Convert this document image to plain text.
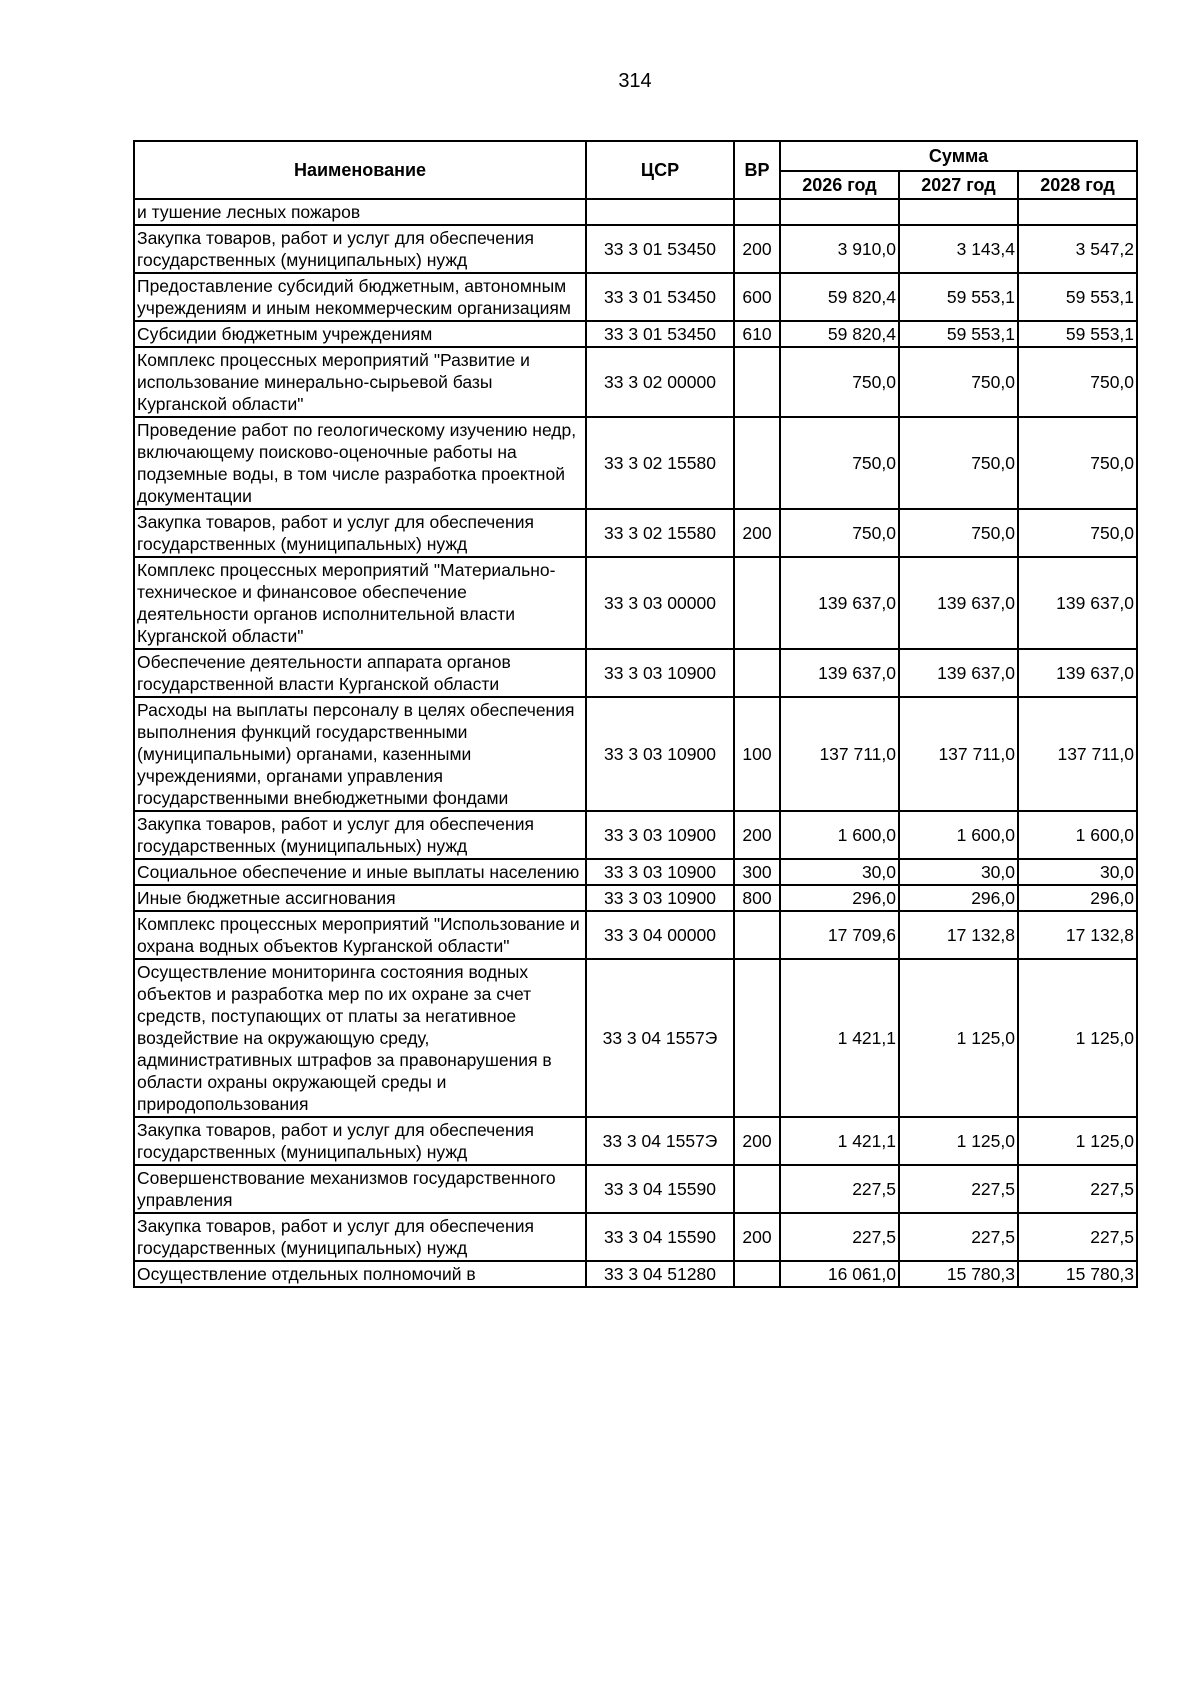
314
Наименование	ЦСР	ВР	Сумма		
			2026 год	2027 год	2028 год
и тушение лесных пожаров					
Закупка товаров, работ и услуг для обеспечения государственных (муниципальных) нужд	33 3 01 53450	200	3 910,0	3 143,4	3 547,2
Предоставление субсидий бюджетным, автономным учреждениям и иным некоммерческим организациям	33 3 01 53450	600	59 820,4	59 553,1	59 553,1
Субсидии бюджетным учреждениям	33 3 01 53450	610	59 820,4	59 553,1	59 553,1
Комплекс процессных мероприятий "Развитие и использование минерально-сырьевой базы Курганской области"	33 3 02 00000		750,0	750,0	750,0
Проведение работ по геологическому изучению недр, включающему поисково-оценочные работы на подземные воды, в том числе разработка проектной документации	33 3 02 15580		750,0	750,0	750,0
Закупка товаров, работ и услуг для обеспечения государственных (муниципальных) нужд	33 3 02 15580	200	750,0	750,0	750,0
Комплекс процессных мероприятий "Материально-техническое и финансовое обеспечение деятельности органов исполнительной власти Курганской области"	33 3 03 00000		139 637,0	139 637,0	139 637,0
Обеспечение деятельности аппарата органов государственной власти Курганской области	33 3 03 10900		139 637,0	139 637,0	139 637,0
Расходы на выплаты персоналу в целях обеспечения выполнения функций государственными (муниципальными) органами, казенными учреждениями, органами управления государственными внебюджетными фондами	33 3 03 10900	100	137 711,0	137 711,0	137 711,0
Закупка товаров, работ и услуг для обеспечения государственных (муниципальных) нужд	33 3 03 10900	200	1 600,0	1 600,0	1 600,0
Социальное обеспечение и иные выплаты населению	33 3 03 10900	300	30,0	30,0	30,0
Иные бюджетные ассигнования	33 3 03 10900	800	296,0	296,0	296,0
Комплекс процессных мероприятий "Использование и охрана водных объектов Курганской области"	33 3 04 00000		17 709,6	17 132,8	17 132,8
Осуществление мониторинга состояния водных объектов и разработка мер по их охране за счет средств, поступающих от платы за негативное воздействие на окружающую среду, административных штрафов за правонарушения в области охраны окружающей среды и природопользования	33 3 04 1557Э		1 421,1	1 125,0	1 125,0
Закупка товаров, работ и услуг для обеспечения государственных (муниципальных) нужд	33 3 04 1557Э	200	1 421,1	1 125,0	1 125,0
Совершенствование механизмов государственного управления	33 3 04 15590		227,5	227,5	227,5
Закупка товаров, работ и услуг для обеспечения государственных (муниципальных) нужд	33 3 04 15590	200	227,5	227,5	227,5
Осуществление отдельных полномочий в	33 3 04 51280		16 061,0	15 780,3	15 780,3
